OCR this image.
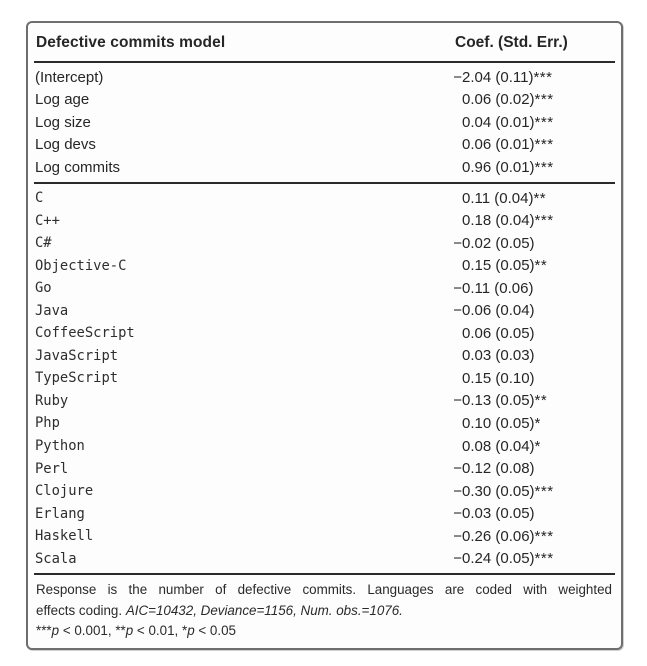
Defective commits model	Coef. (Std. Err.)
(Intercept)	− 2.04 (0.11) ***
Log age	0.06 (0.02) ***
Log size	0.04 (0.01) ***
Log devs	0.06 (0.01) ***
Log commits	0.96 (0.01) ***
C	0.11 (0.04) **
C++	0.18 (0.04) ***
C#	− 0.02 (0.05)
Objective-C	0.15 (0.05) **
Go	− 0.11 (0.06)
Java	− 0.06 (0.04)
CoffeeScript	0.06 (0.05)
JavaScript	0.03 (0.03)
TypeScript	0.15 (0.10)
Ruby	− 0.13 (0.05) **
Php	0.10 (0.05) *
Python	0.08 (0.04) *
Perl	− 0.12 (0.08)
Clojure	− 0.30 (0.05) ***
Erlang	− 0.03 (0.05)
Haskell	− 0.26 (0.06) ***
Scala	− 0.24 (0.05) ***
Response is the number of defective commits. Languages are coded with weighted
effects coding. AIC=10432, Deviance=1156, Num. obs.=1076.
***p < 0.001, **p < 0.01, *p < 0.05
